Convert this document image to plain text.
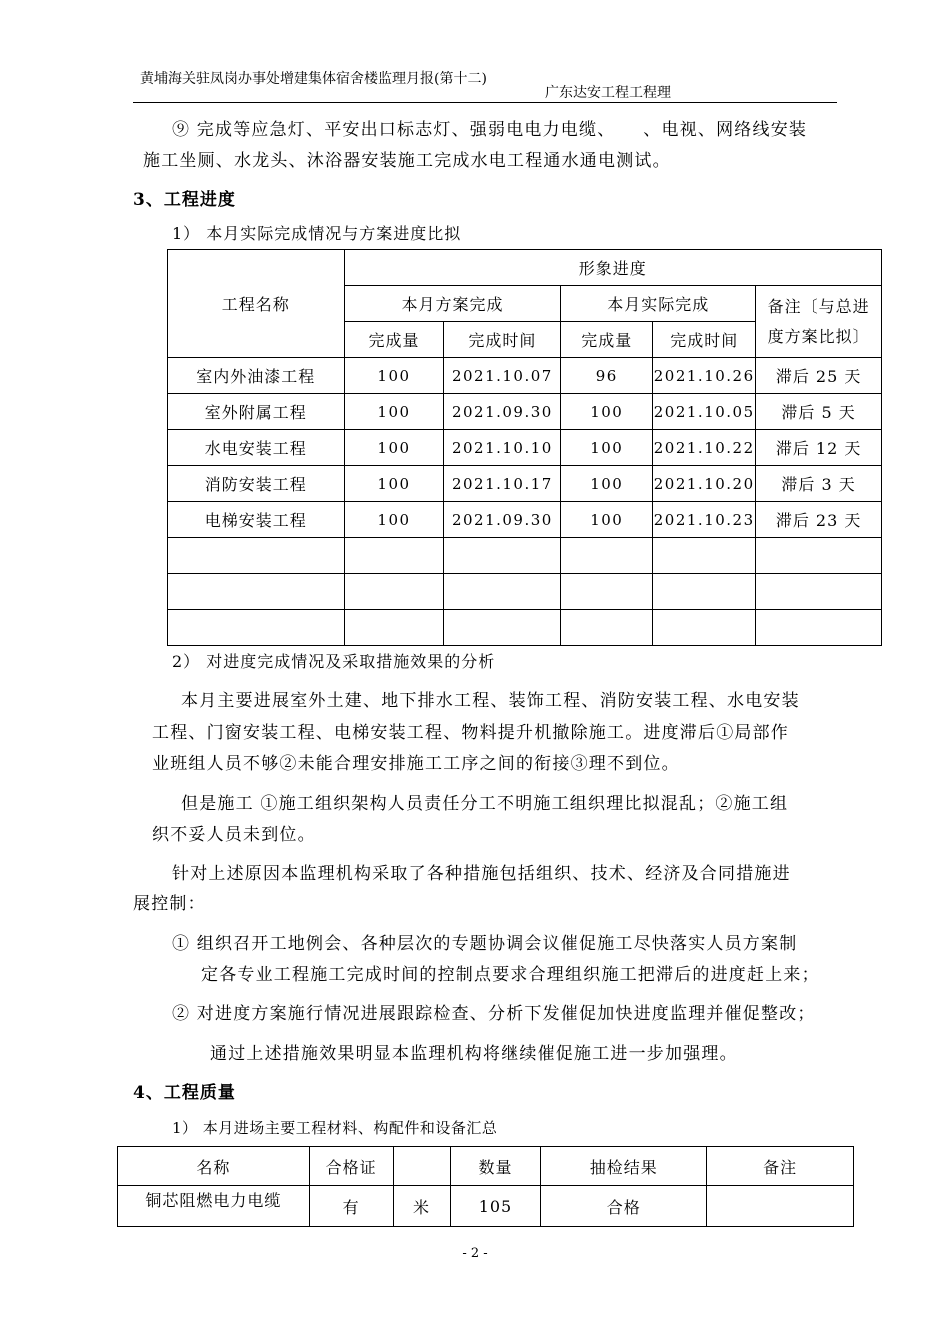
黄埔海关驻凤岗办事处增建集体宿舍楼监理月报(第十二)
广东达安工程工程理
⑨ 完成等应急灯、平安出口标志灯、强弱电电力电缆、　　、电视、网络线安装
施工坐厕、水龙头、沐浴器安装施工完成水电工程通水通电测试。
3、工程进度
1） 本月实际完成情况与方案进度比拟
工程名称	形象进度				
	本月方案完成		本月实际完成		备注〔与总进
度方案比拟〕

	完成量	完成时间	完成量	完成时间	
室内外油漆工程	100	2021.10.07	96	2021.10.26	滞后 25 天
室外附属工程	100	2021.09.30	100	2021.10.05	滞后 5 天
水电安装工程	100	2021.10.10	100	2021.10.22	滞后 12 天
消防安装工程	100	2021.10.17	100	2021.10.20	滞后 3 天
电梯安装工程	100	2021.09.30	100	2021.10.23	滞后 23 天

2） 对进度完成情况及采取措施效果的分析
本月主要进展室外土建、地下排水工程、装饰工程、消防安装工程、水电安装
工程、门窗安装工程、电梯安装工程、物料提升机撤除施工。进度滞后①局部作
业班组人员不够②未能合理安排施工工序之间的衔接③理不到位。
但是施工 ①施工组织架构人员责任分工不明施工组织理比拟混乱；②施工组
织不妥人员未到位。
针对上述原因本监理机构采取了各种措施包括组织、技术、经济及合同措施进
展控制：
① 组织召开工地例会、各种层次的专题协调会议催促施工尽快落实人员方案制
定各专业工程施工完成时间的控制点要求合理组织施工把滞后的进度赶上来；
② 对进度方案施行情况进展跟踪检查、分析下发催促加快进度监理并催促整改；
通过上述措施效果明显本监理机构将继续催促施工进一步加强理。
4、工程质量
1） 本月进场主要工程材料、构配件和设备汇总
名称	合格证		数量	抽检结果	备注
铜芯阻燃电力电缆	有	米	105	合格	
- 2 -
